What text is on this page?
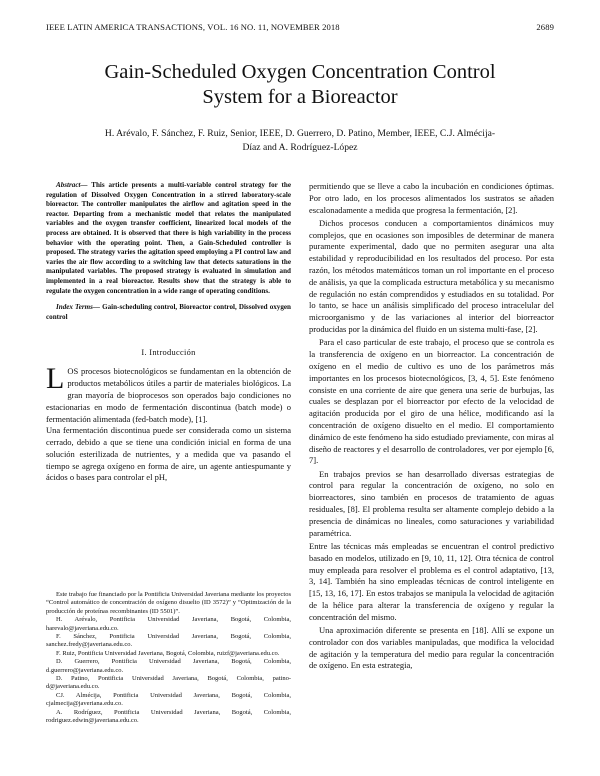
IEEE LATIN AMERICA TRANSACTIONS, VOL. 16 NO. 11, NOVEMBER 2018	2689
Gain-Scheduled Oxygen Concentration Control
System for a Bioreactor
H. Arévalo, F. Sánchez, F. Ruiz, Senior, IEEE, D. Guerrero, D. Patino, Member, IEEE, C.J. Almécija-
Díaz and A. Rodríguez-López

Abstract— This article presents a multi-variable control strategy for the regulation of Dissolved Oxygen Concentration in a stirred laboratory-scale bioreactor. The controller manipulates the airflow and agitation speed in the reactor. Departing from a mechanistic model that relates the manipulated variables and the oxygen transfer coefficient, linearized local models of the process are obtained. It is observed that there is high variability in the process behavior with the operating point. Then, a Gain-Scheduled controller is proposed. The strategy varies the agitation speed employing a PI control law and varies the air flow according to a switching law that detects saturations in the manipulated variables. The proposed strategy is evaluated in simulation and implemented in a real bioreactor. Results show that the strategy is able to regulate the oxygen concentration in a wide range of operating conditions.

Index Terms— Gain-scheduling control, Bioreactor control, Dissolved oxygen control

I. Introducción

LOS procesos biotecnológicos se fundamentan en la obtención de productos metabólicos útiles a partir de materiales biológicos. La gran mayoría de bioprocesos son operados bajo condiciones no estacionarias en modo de fermentación discontinua (batch mode) o fermentación alimentada (fed-batch mode), [1].

Una fermentación discontinua puede ser considerada como un sistema cerrado, debido a que se tiene una condición inicial en forma de una solución esterilizada de nutrientes, y a medida que va pasando el tiempo se agrega oxígeno en forma de aire, un agente antiespumante y ácidos o bases para controlar el pH,

Este trabajo fue financiado por la Pontificia Universidad Javeriana mediante los proyectos “Control automático de concentración de oxígeno disuelto (ID 3572)” y “Optimización de la producción de proteínas recombinantes (ID 5501)”.

H. Arévalo, Pontificia Universidad Javeriana, Bogotá, Colombia, harevalo@javeriana.edu.co.

F. Sánchez, Pontificia Universidad Javeriana, Bogotá, Colombia, sanchez.fredy@javeriana.edu.co.

F. Ruiz, Pontificia Universidad Javeriana, Bogotá, Colombia, ruizf@javeriana.edu.co.

D. Guerrero, Pontificia Universidad Javeriana, Bogotá, Colombia, d.guerrero@javeriana.edu.co.

D. Patino, Pontificia Universidad Javeriana, Bogotá, Colombia, patino-d@javeriana.edu.co.

CJ. Almécija, Pontificia Universidad Javeriana, Bogotá, Colombia, cjalmecija@javeriana.edu.co.

A. Rodríguez, Pontificia Universidad Javeriana, Bogotá, Colombia, rodriguez.edwin@javeriana.edu.co.

permitiendo que se lleve a cabo la incubación en condiciones óptimas. Por otro lado, en los procesos alimentados los sustratos se añaden escalonadamente a medida que progresa la fermentación, [2].

Dichos procesos conducen a comportamientos dinámicos muy complejos, que en ocasiones son imposibles de determinar de manera puramente experimental, dado que no permiten asegurar una alta estabilidad y reproducibilidad en los resultados del proceso. Por esta razón, los métodos matemáticos toman un rol importante en el proceso de análisis, ya que la complicada estructura metabólica y su mecanismo de regulación no están comprendidos y estudiados en su totalidad. Por lo tanto, se hace un análisis simplificado del proceso intracelular del microorganismo y de las variaciones al interior del biorreactor producidas por la dinámica del fluido en un sistema multi-fase, [2].

Para el caso particular de este trabajo, el proceso que se controla es la transferencia de oxígeno en un biorreactor. La concentración de oxígeno en el medio de cultivo es uno de los parámetros más importantes en los procesos biotecnológicos, [3, 4, 5]. Este fenómeno consiste en una corriente de aire que genera una serie de burbujas, las cuales se desplazan por el biorreactor por efecto de la velocidad de agitación producida por el giro de una hélice, modificando así la concentración de oxígeno disuelto en el medio. El comportamiento dinámico de este fenómeno ha sido estudiado previamente, con miras al diseño de reactores y el desarrollo de controladores, ver por ejemplo [6, 7].

En trabajos previos se han desarrollado diversas estrategias de control para regular la concentración de oxígeno, no solo en biorreactores, sino también en procesos de tratamiento de aguas residuales, [8]. El problema resulta ser altamente complejo debido a la presencia de dinámicas no lineales, como saturaciones y variabilidad paramétrica.

Entre las técnicas más empleadas se encuentran el control predictivo basado en modelos, utilizado en [9, 10, 11, 12]. Otra técnica de control muy empleada para resolver el problema es el control adaptativo, [13, 3, 14]. También ha sino empleadas técnicas de control inteligente en [15, 13, 16, 17]. En estos trabajos se manipula la velocidad de agitación de la hélice para alterar la transferencia de oxígeno y regular la concentración del mismo.

Una aproximación diferente se presenta en [18]. Allí se expone un controlador con dos variables manipuladas, que modifica la velocidad de agitación y la temperatura del medio para regular la concentración de oxígeno. En esta estrategia,
